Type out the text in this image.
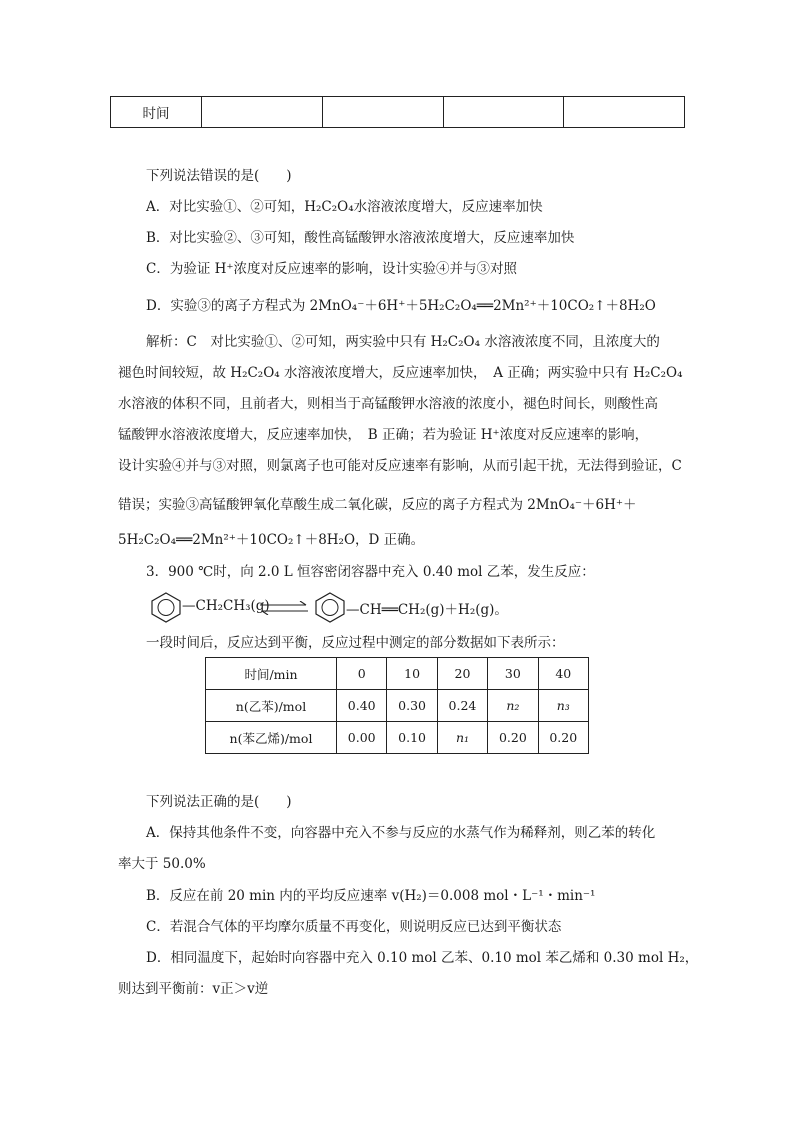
时间				
下列说法错误的是(　　)
A．对比实验①、②可知，H₂C₂O₄水溶液浓度增大，反应速率加快
B．对比实验②、③可知，酸性高锰酸钾水溶液浓度增大，反应速率加快
C．为验证 H⁺浓度对反应速率的影响，设计实验④并与③对照
D．实验③的离子方程式为 2MnO₄⁻＋6H⁺＋5H₂C₂O₄══2Mn²⁺＋10CO₂↑＋8H₂O
解析：C　对比实验①、②可知，两实验中只有 H₂C₂O₄ 水溶液浓度不同，且浓度大的
褪色时间较短，故 H₂C₂O₄ 水溶液浓度增大，反应速率加快，　A 正确；两实验中只有 H₂C₂O₄
水溶液的体积不同，且前者大，则相当于高锰酸钾水溶液的浓度小，褪色时间长，则酸性高
锰酸钾水溶液浓度增大，反应速率加快，　B 正确；若为验证 H⁺浓度对反应速率的影响，
设计实验④并与③对照，则氯离子也可能对反应速率有影响，从而引起干扰，无法得到验证，C
错误；实验③高锰酸钾氧化草酸生成二氧化碳，反应的离子方程式为 2MnO₄⁻＋6H⁺＋
5H₂C₂O₄══2Mn²⁺＋10CO₂↑＋8H₂O，D 正确。
3．900 ℃时，向 2.0 L 恒容密闭容器中充入 0.40 mol 乙苯，发生反应：
—CH₂CH₃(g)	—CH══CH₂(g)＋H₂(g)。
一段时间后，反应达到平衡，反应过程中测定的部分数据如下表所示：
时间/min	0	10	20	30	40
n(乙苯)/mol	0.40	0.30	0.24	n₂	n₃
n(苯乙烯)/mol	0.00	0.10	n₁	0.20	0.20
下列说法正确的是(　　)
A．保持其他条件不变，向容器中充入不参与反应的水蒸气作为稀释剂，则乙苯的转化
率大于 50.0%
B．反应在前 20 min 内的平均反应速率 v(H₂)＝0.008 mol・L⁻¹・min⁻¹
C．若混合气体的平均摩尔质量不再变化，则说明反应已达到平衡状态
D．相同温度下，起始时向容器中充入 0.10 mol 乙苯、0.10 mol 苯乙烯和 0.30 mol H₂，
则达到平衡前：v正＞v逆
